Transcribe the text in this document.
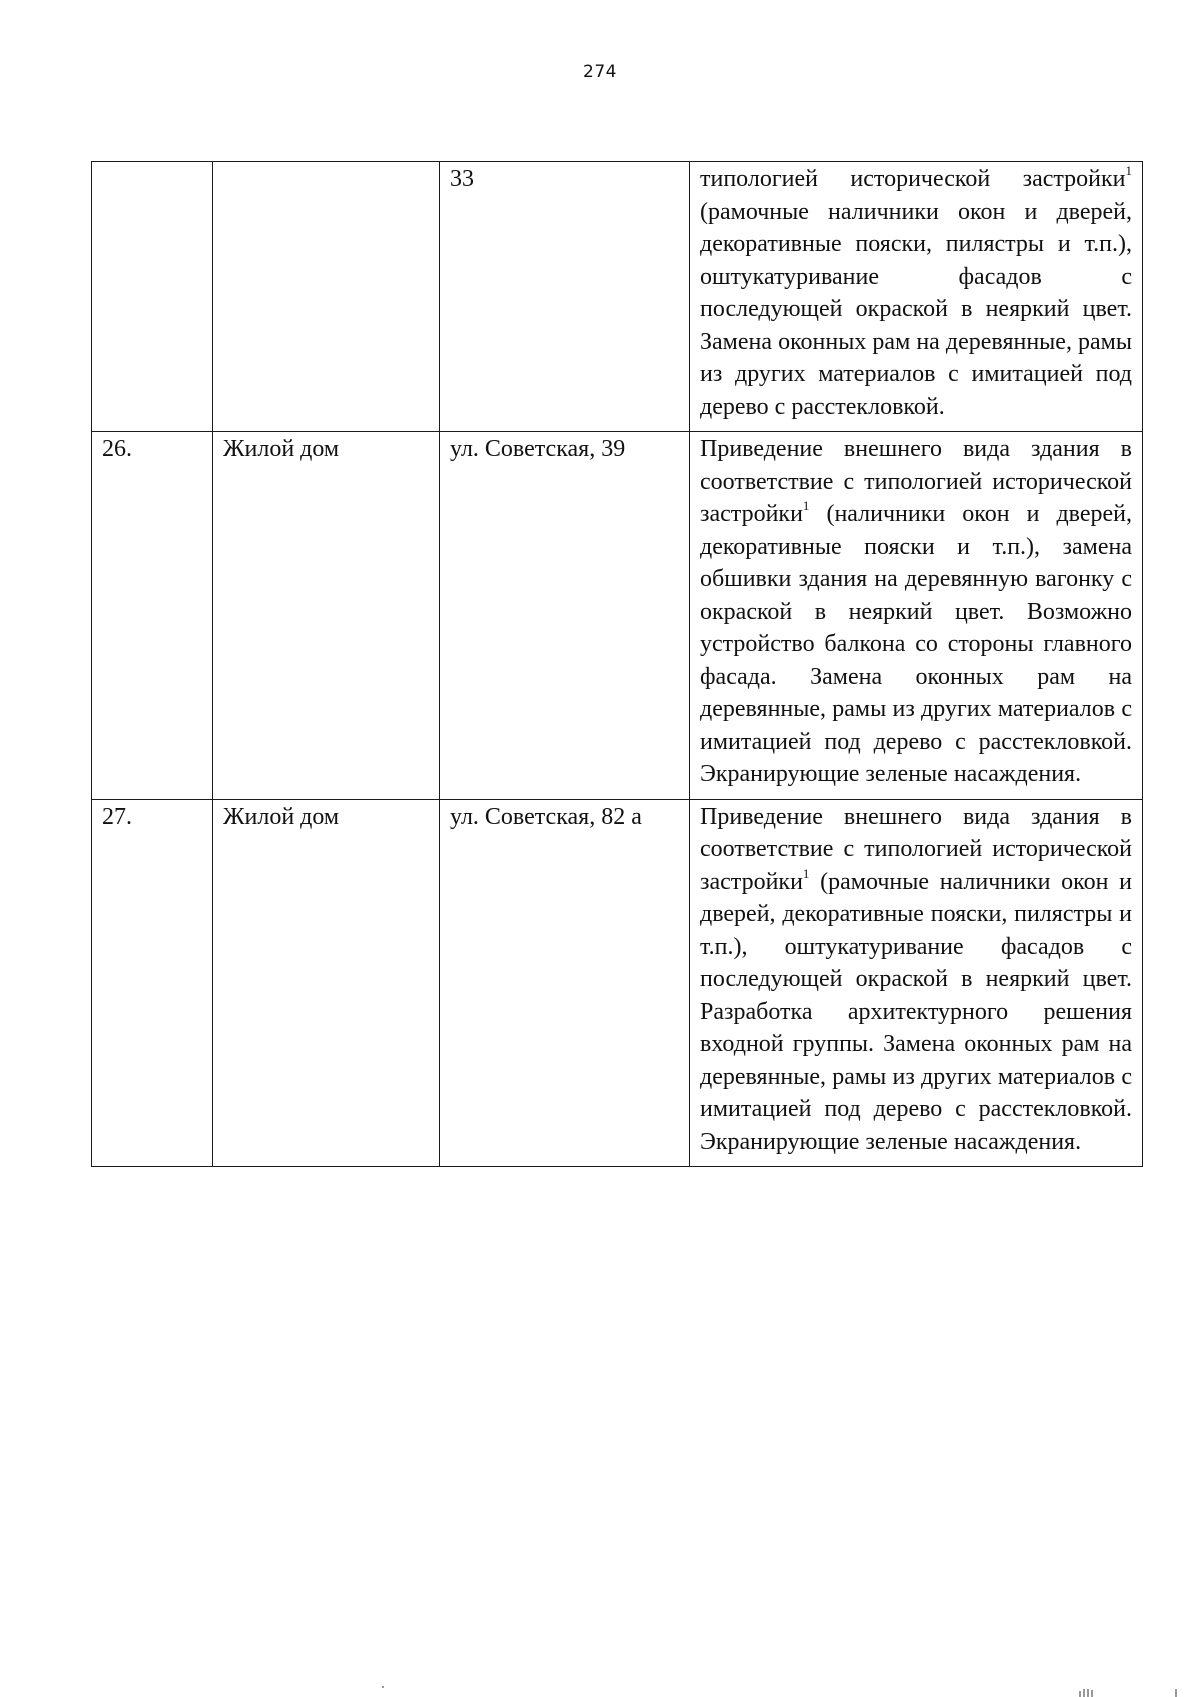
274
		33	типологией исторической застройки$^1$ (рамочные наличники окон и дверей, декоративные пояски, пилястры и т.п.), оштукатуривание фасадов с последующей окраской в неяркий цвет. Замена оконных рам на деревянные, рамы из других материалов с имитацией под дерево с расстекловкой.
26.	Жилой дом	ул. Советская, 39	Приведение внешнего вида здания в соответствие с типологией исторической застройки$^1$ (наличники окон и дверей, декоративные пояски и т.п.), замена обшивки здания на деревянную вагонку с окраской в неяркий цвет. Возможно устройство балкона со стороны главного фасада. Замена оконных рам на деревянные, рамы из других материалов с имитацией под дерево с расстекловкой. Экранирующие зеленые насаждения.
27.	Жилой дом	ул. Советская, 82 а	Приведение внешнего вида здания в соответствие с типологией исторической застройки$^1$ (рамочные наличники окон и дверей, декоративные пояски, пилястры и т.п.), оштукатуривание фасадов с последующей окраской в неяркий цвет. Разработка архитектурного решения входной группы. Замена оконных рам на деревянные, рамы из других материалов с имитацией под дерево с расстекловкой. Экранирующие зеленые насаждения.
